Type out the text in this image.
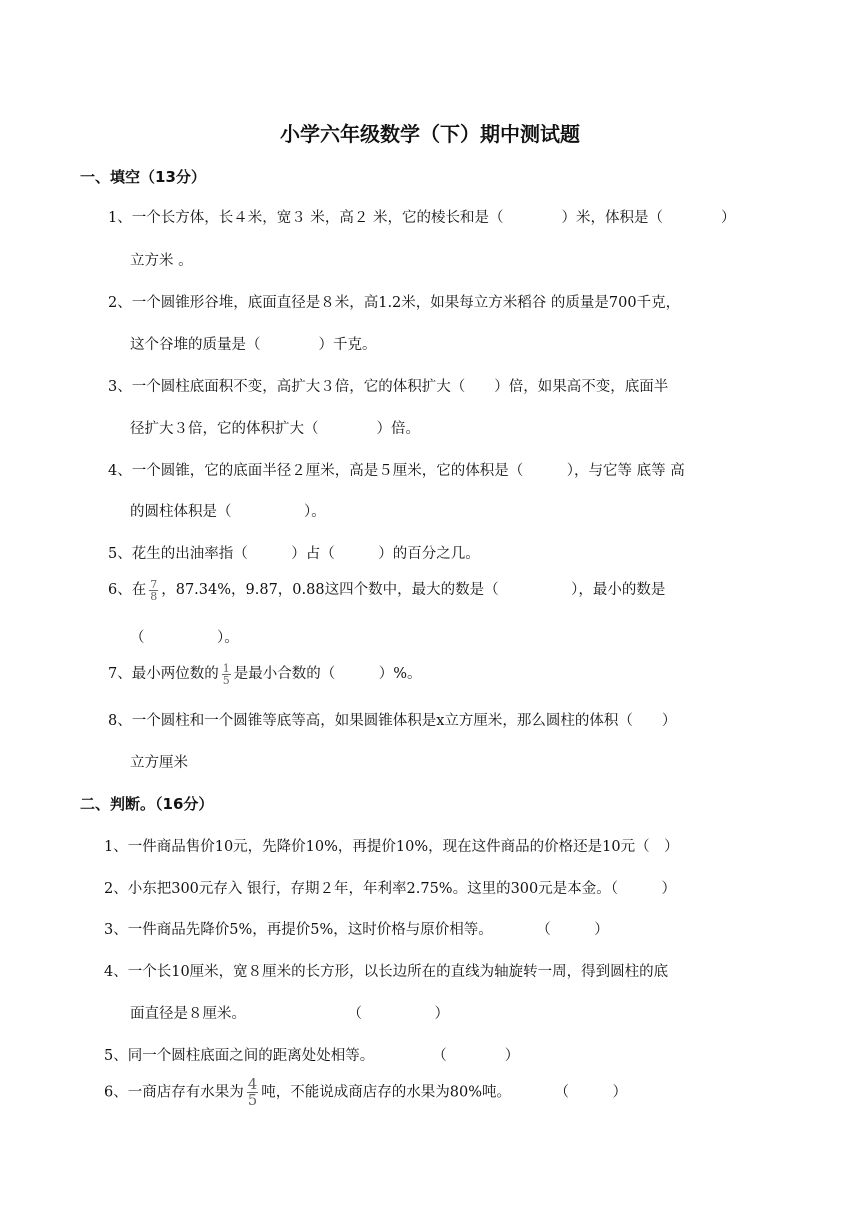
小学六年级数学（下）期中测试题
一、填空（13分）
1、一个长方体，长４米，宽３ 米，高２ 米，它的棱长和是（　　　　）米，体积是（　　　　）
立方米 。
2、一个圆锥形谷堆，底面直径是８米，高1.2米，如果每立方米稻谷 的质量是700千克，
这个谷堆的质量是（　　　　）千克。
3、一个圆柱底面积不变，高扩大３倍，它的体积扩大（　　）倍，如果高不变，底面半
径扩大３倍，它的体积扩大（　　　　）倍。
4、一个圆锥，它的底面半径２厘米，高是５厘米，它的体积是（　　　），与它等 底等 高
的圆柱体积是（　　　　　）。
5、花生的出油率指（　　　）占（　　　）的百分之几。
6、在 $\frac{7}{8}$ ，87.34%，9.87，0.88这四个数中，最大的数是（　　　　　），最小的数是
（　　　　　）。
7、最小两位数的 $\frac{1}{5}$ 是最小合数的（　　　）%。
8、一个圆柱和一个圆锥等底等高，如果圆锥体积是x立方厘米，那么圆柱的体积（　　）
立方厘米
二、判断。（16分）
1、一件商品售价10元，先降价10%，再提价10%，现在这件商品的价格还是10元（　）
2、小东把300元存入 银行，存期２年，年利率2.75%。这里的300元是本金。（　　　）
3、一件商品先降价5%，再提价5%，这时价格与原价相等。　　　　（　　　）
4、一个长10厘米，宽８厘米的长方形，以长边所在的直线为轴旋转一周，得到圆柱的底
面直径是８厘米。　　　　　　　　（　　　　　）
5、同一个圆柱底面之间的距离处处相等。　　　　　（　　　　）
6、一商店存有水果为 $\frac{4}{5}$ 吨，不能说成商店存的水果为80%吨。　　　　（　　　）
